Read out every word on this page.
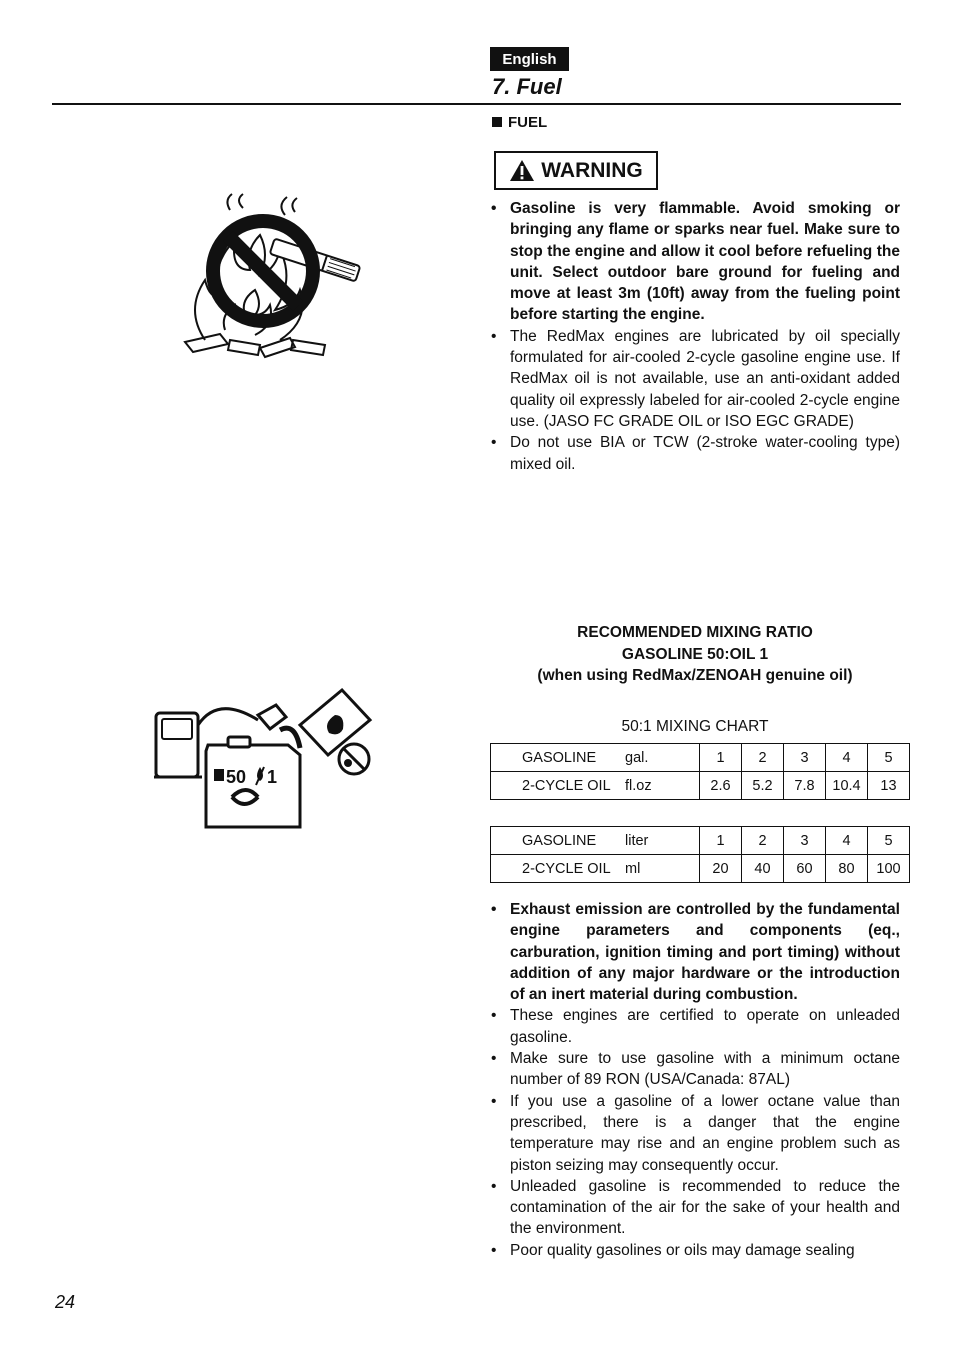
English
7. Fuel
FUEL
WARNING
• Gasoline is very flammable. Avoid smoking or bringing any flame or sparks near fuel. Make sure to stop the engine and allow it cool before refueling the unit. Select outdoor bare ground for fueling and move at least 3m (10ft) away from the fueling point before starting the engine.
• The RedMax engines are lubricated by oil specially formulated for air-cooled 2-cycle gasoline engine use. If RedMax oil is not available, use an anti-oxidant added quality oil expressly labeled for air-cooled 2-cycle engine use. (JASO FC GRADE OIL or ISO EGC GRADE)
• Do not use BIA or TCW (2-stroke water-cooling type) mixed oil.
50 1
RECOMMENDED MIXING RATIO
GASOLINE 50:OIL 1
(when using RedMax/ZENOAH genuine oil)
50:1 MIXING CHART
GASOLINE	gal.	1	2	3	4	5
2-CYCLE OIL	fl.oz	2.6	5.2	7.8	10.4	13
GASOLINE	liter	1	2	3	4	5
2-CYCLE OIL	ml	20	40	60	80	100
• Exhaust emission are controlled by the fundamental engine parameters and components (eq., carburation, ignition timing and port timing) without addition of any major hardware or the introduction of an inert material during combustion.
• These engines are certified to operate on unleaded gasoline.
• Make sure to use gasoline with a minimum octane number of 89 RON (USA/Canada: 87AL)
• If you use a gasoline of a lower octane value than prescribed, there is a danger that the engine temperature may rise and an engine problem such as piston seizing may consequently occur.
• Unleaded gasoline is recommended to reduce the contamination of the air for the sake of your health and the environment.
• Poor quality gasolines or oils may damage sealing
24
